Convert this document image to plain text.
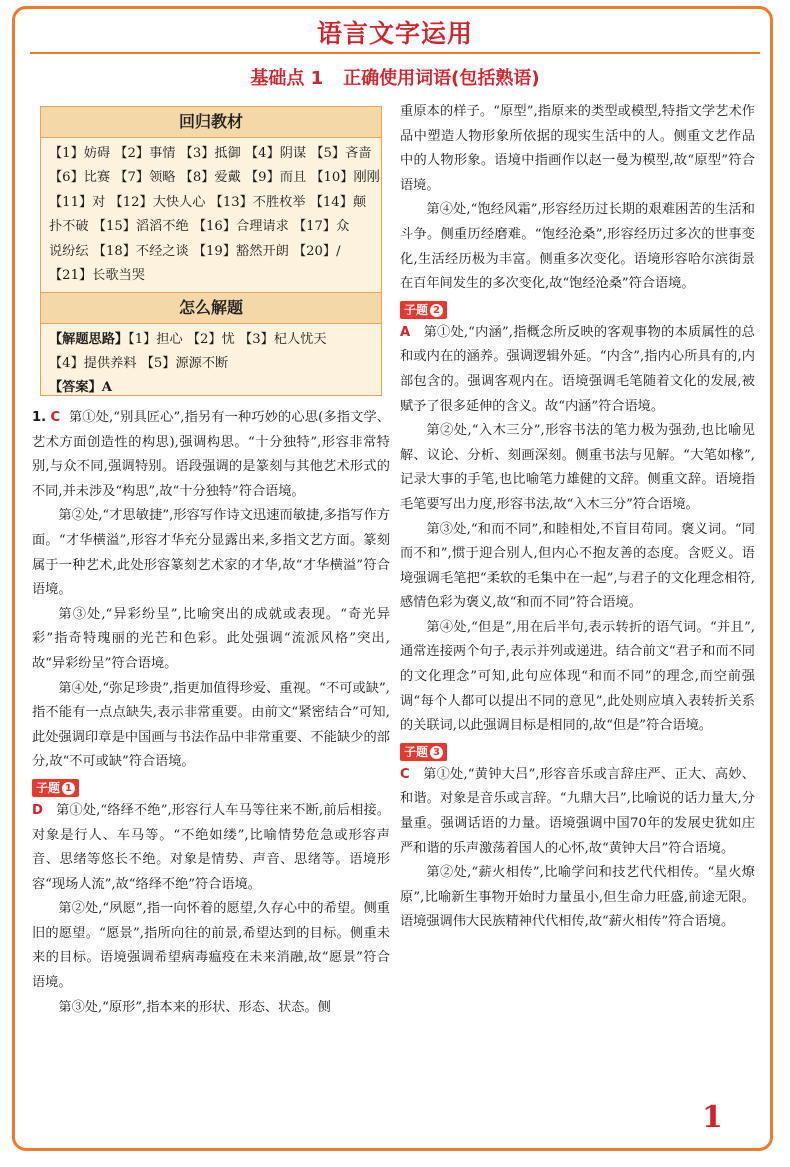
语言文字运用
基础点 1 正确使用词语(包括熟语)
回归教材
【1】妨碍 【2】事情 【3】抵御 【4】阴谋 【5】吝啬
【6】比赛 【7】领略 【8】爱戴 【9】而且 【10】刚刚
【11】对 【12】大快人心 【13】不胜枚举 【14】颠
扑不破 【15】滔滔不绝 【16】合理请求 【17】众
说纷纭 【18】不经之谈 【19】豁然开朗 【20】/
【21】长歌当哭
怎么解题
【解题思路】【1】担心 【2】忧 【3】杞人忧天
【4】提供养料 【5】源源不断
【答案】A

1. C 第①处,“别具匠心”,指另有一种巧妙的心思(多指文学、艺术方面创造性的构思),强调构思。“十分独特”,形容非常特别,与众不同,强调特别。语段强调的是篆刻与其他艺术形式的不同,并未涉及“构思”,故“十分独特”符合语境。

第②处,“才思敏捷”,形容写作诗文迅速而敏捷,多指写作方面。“才华横溢”,形容才华充分显露出来,多指文艺方面。篆刻属于一种艺术,此处形容篆刻艺术家的才华,故“才华横溢”符合语境。

第③处,“异彩纷呈”,比喻突出的成就或表现。“奇光异彩”指奇特瑰丽的光芒和色彩。此处强调“流派风格”突出,故“异彩纷呈”符合语境。

第④处,“弥足珍贵”,指更加值得珍爱、重视。“不可或缺”,指不能有一点点缺失,表示非常重要。由前文“紧密结合”可知,此处强调印章是中国画与书法作品中非常重要、不能缺少的部分,故“不可或缺”符合语境。

子题 1

D 第①处,“络绎不绝”,形容行人车马等往来不断,前后相接。对象是行人、车马等。“不绝如缕”,比喻情势危急或形容声音、思绪等悠长不绝。对象是情势、声音、思绪等。语境形容“现场人流”,故“络绎不绝”符合语境。

第②处,“夙愿”,指一向怀着的愿望,久存心中的希望。侧重旧的愿望。“愿景”,指所向往的前景,希望达到的目标。侧重未来的目标。语境强调希望病毒瘟疫在未来消融,故“愿景”符合语境。

第③处,“原形”,指本来的形状、形态、状态。侧

重原本的样子。“原型”,指原来的类型或模型,特指文学艺术作品中塑造人物形象所依据的现实生活中的人。侧重文艺作品中的人物形象。语境中指画作以赵一曼为模型,故“原型”符合语境。

第④处,“饱经风霜”,形容经历过长期的艰难困苦的生活和斗争。侧重历经磨难。“饱经沧桑”,形容经历过多次的世事变化,生活经历极为丰富。侧重多次变化。语境形容哈尔滨街景在百年间发生的多次变化,故“饱经沧桑”符合语境。

子题 2

A 第①处,“内涵”,指概念所反映的客观事物的本质属性的总和或内在的涵养。强调逻辑外延。“内含”,指内心所具有的,内部包含的。强调客观内在。语境强调毛笔随着文化的发展,被赋予了很多延伸的含义。故“内涵”符合语境。

第②处,“入木三分”,形容书法的笔力极为强劲,也比喻见解、议论、分析、刻画深刻。侧重书法与见解。“大笔如椽”,记录大事的手笔,也比喻笔力雄健的文辞。侧重文辞。语境指毛笔要写出力度,形容书法,故“入木三分”符合语境。

第③处,“和而不同”,和睦相处,不盲目苟同。褒义词。“同而不和”,惯于迎合别人,但内心不抱友善的态度。含贬义。语境强调毛笔把“柔软的毛集中在一起”,与君子的文化理念相符,感情色彩为褒义,故“和而不同”符合语境。

第④处,“但是”,用在后半句,表示转折的语气词。“并且”,通常连接两个句子,表示并列或递进。结合前文“君子和而不同的文化理念”可知,此句应体现“和而不同”的理念,而空前强调“每个人都可以提出不同的意见”,此处则应填入表转折关系的关联词,以此强调目标是相同的,故“但是”符合语境。

子题 3

C 第①处,“黄钟大吕”,形容音乐或言辞庄严、正大、高妙、和谐。对象是音乐或言辞。“九鼎大吕”,比喻说的话力量大,分量重。强调话语的力量。语境强调中国70年的发展史犹如庄严和谐的乐声激荡着国人的心怀,故“黄钟大吕”符合语境。

第②处,“薪火相传”,比喻学问和技艺代代相传。“星火燎原”,比喻新生事物开始时力量虽小,但生命力旺盛,前途无限。语境强调伟大民族精神代代相传,故“薪火相传”符合语境。

1
